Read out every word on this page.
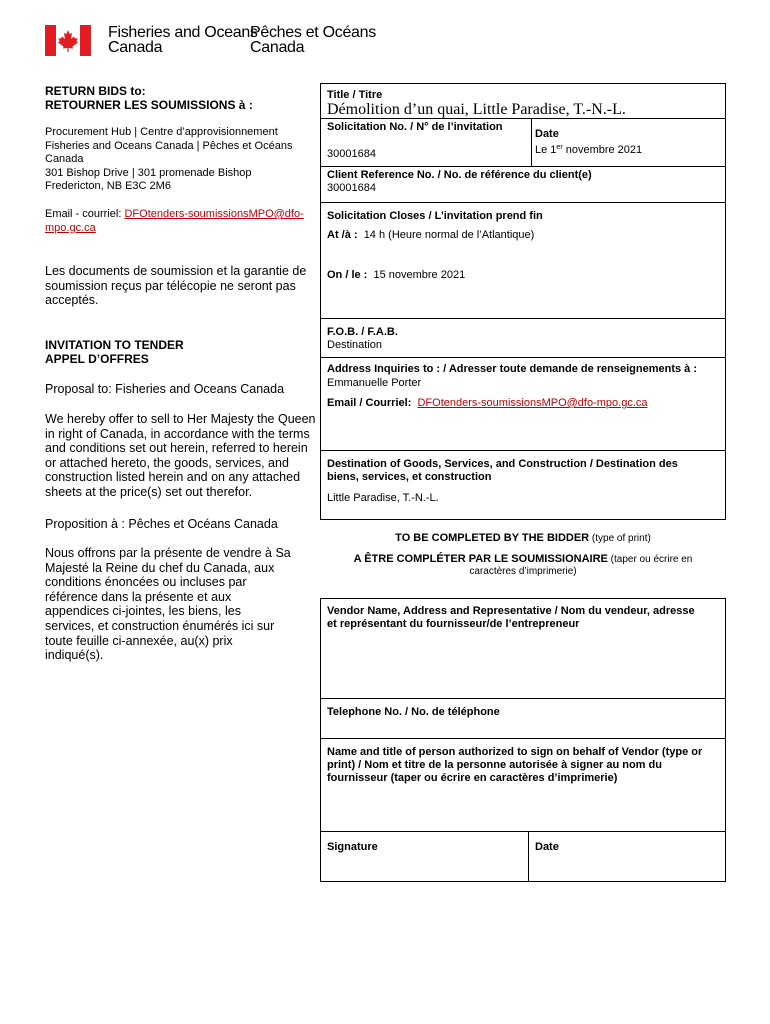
Fisheries and Oceans
Canada
Pêches et Océans
Canada
RETURN BIDS to:
RETOURNER LES SOUMISSIONS à :
Procurement Hub | Centre d’approvisionnement
Fisheries and Oceans Canada | Pêches et Océans
Canada
301 Bishop Drive | 301 promenade Bishop
Fredericton, NB E3C 2M6
Email - courriel: DFOtenders-soumissionsMPO@dfo-
mpo.gc.ca
Les documents de soumission et la garantie de
soumission reçus par télécopie ne seront pas
acceptés.
INVITATION TO TENDER
APPEL D’OFFRES
Proposal to: Fisheries and Oceans Canada
We hereby offer to sell to Her Majesty the Queen
in right of Canada, in accordance with the terms
and conditions set out herein, referred to herein
or attached hereto, the goods, services, and
construction listed herein and on any attached
sheets at the price(s) set out therefor.
Proposition à : Pêches et Océans Canada
Nous offrons par la présente de vendre à Sa
Majesté la Reine du chef du Canada, aux
conditions énoncées ou incluses par
référence dans la présente et aux
appendices ci-jointes, les biens, les
services, et construction énumérés ici sur
toute feuille ci-annexée, au(x) prix
indiqué(s).
Title / Titre
Démolition d’un quai, Little Paradise, T.-N.-L.
Solicitation No. / N° de l’invitation
30001684
Date
Le 1er novembre 2021
Client Reference No. / No. de référence du client(e)
30001684
Solicitation Closes / L’invitation prend fin
At /à : 14 h (Heure normal de l’Atlantique)
On / le : 15 novembre 2021
F.O.B. / F.A.B.
Destination
Address Inquiries to : / Adresser toute demande de renseignements à :
Emmanuelle Porter
Email / Courriel: DFOtenders-soumissionsMPO@dfo-mpo.gc.ca
Destination of Goods, Services, and Construction / Destination des
biens, services, et construction
Little Paradise, T.-N.-L.
TO BE COMPLETED BY THE BIDDER (type of print)
A ÊTRE COMPLÉTER PAR LE SOUMISSIONAIRE (taper ou écrire en
caractères d’imprimerie)
Vendor Name, Address and Representative / Nom du vendeur, adresse
et représentant du fournisseur/de l’entrepreneur
Telephone No. / No. de téléphone
Name and title of person authorized to sign on behalf of Vendor (type or
print) / Nom et titre de la personne autorisée à signer au nom du
fournisseur (taper ou écrire en caractères d’imprimerie)
Signature	Date
